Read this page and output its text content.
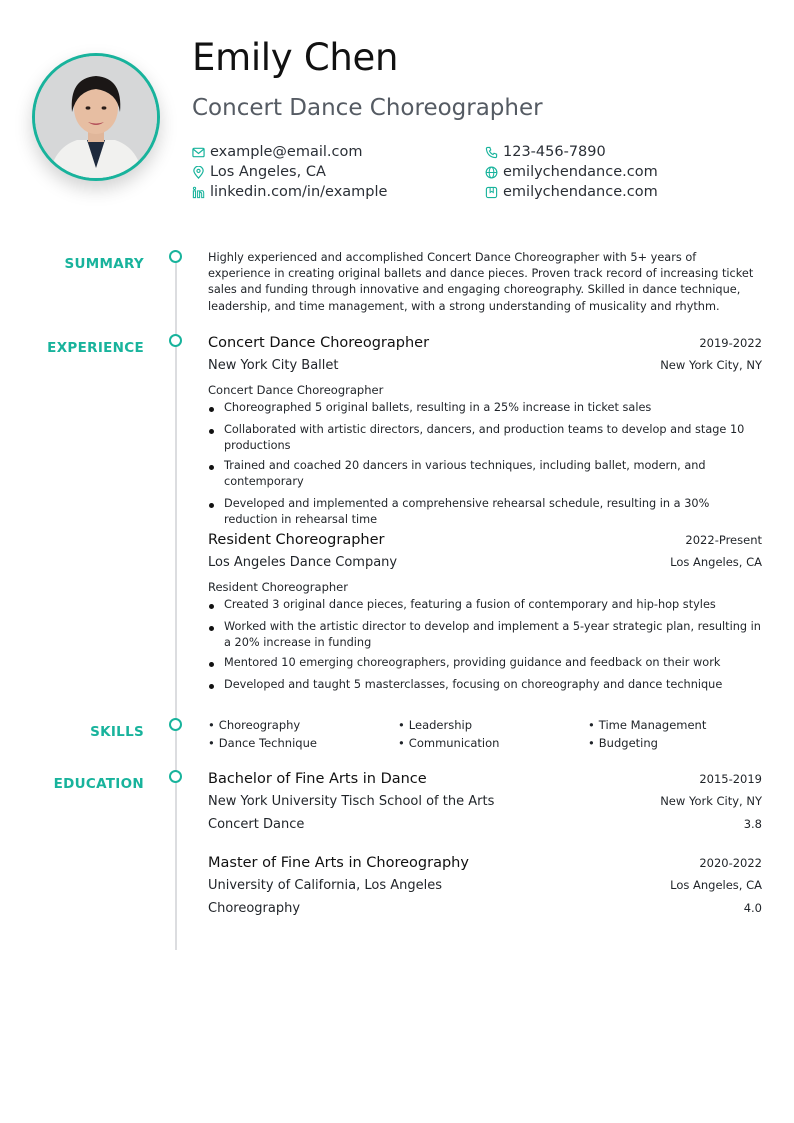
Emily Chen
Concert Dance Choreographer
example@email.com	123-456-7890
Los Angeles, CA	emilychendance.com
linkedin.com/in/example	emilychendance.com
SUMMARY	Highly experienced and accomplished Concert Dance Choreographer with 5+ years of experience in creating original ballets and dance pieces. Proven track record of increasing ticket sales and funding through innovative and engaging choreography. Skilled in dance technique, leadership, and time management, with a strong understanding of musicality and rhythm.
EXPERIENCE	Concert Dance Choreographer	2019-2022
New York City Ballet	New York City, NY
Concert Dance Choreographer
Choreographed 5 original ballets, resulting in a 25% increase in ticket sales
Collaborated with artistic directors, dancers, and production teams to develop and stage 10 productions
Trained and coached 20 dancers in various techniques, including ballet, modern, and contemporary
Developed and implemented a comprehensive rehearsal schedule, resulting in a 30% reduction in rehearsal time
Resident Choreographer	2022-Present
Los Angeles Dance Company	Los Angeles, CA
Resident Choreographer
Created 3 original dance pieces, featuring a fusion of contemporary and hip-hop styles
Worked with the artistic director to develop and implement a 5-year strategic plan, resulting in a 20% increase in funding
Mentored 10 emerging choreographers, providing guidance and feedback on their work
Developed and taught 5 masterclasses, focusing on choreography and dance technique
SKILLS	• Choreography	• Leadership	• Time Management
• Dance Technique	• Communication	• Budgeting
EDUCATION	Bachelor of Fine Arts in Dance	2015-2019
New York University Tisch School of the Arts	New York City, NY
Concert Dance	3.8
Master of Fine Arts in Choreography	2020-2022
University of California, Los Angeles	Los Angeles, CA
Choreography	4.0
